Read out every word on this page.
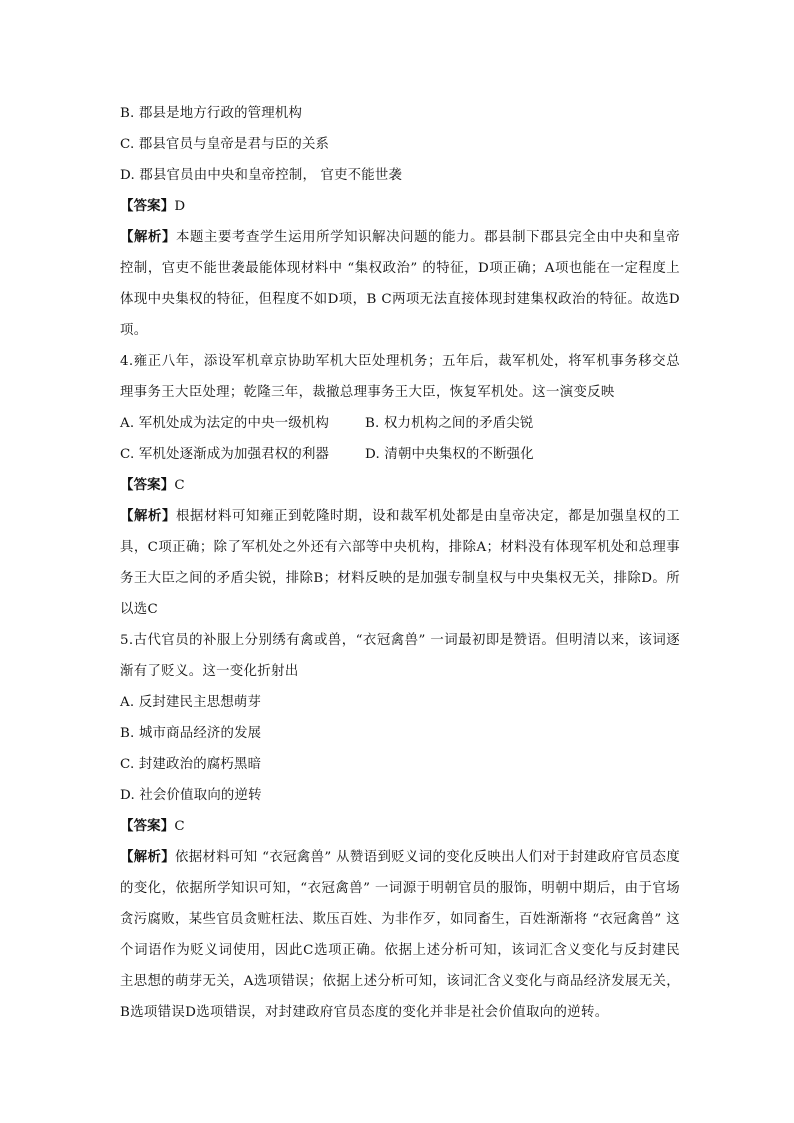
B. 郡县是地方行政的管理机构
C. 郡县官员与皇帝是君与臣的关系
D. 郡县官员由中央和皇帝控制， 官吏不能世袭
【答案】D
【解析】本题主要考查学生运用所学知识解决问题的能力。郡县制下郡县完全由中央和皇帝控制，官吏不能世袭最能体现材料中 “集权政治” 的特征，D项正确；A项也能在一定程度上体现中央集权的特征，但程度不如D项，B C两项无法直接体现封建集权政治的特征。故选D项。
4.雍正八年，添设军机章京协助军机大臣处理机务；五年后，裁军机处，将军机事务移交总理事务王大臣处理；乾隆三年，裁撤总理事务王大臣，恢复军机处。这一演变反映
A. 军机处成为法定的中央一级机构	B. 权力机构之间的矛盾尖锐
C. 军机处逐渐成为加强君权的利器	D. 清朝中央集权的不断强化
【答案】C
【解析】根据材料可知雍正到乾隆时期，设和裁军机处都是由皇帝决定，都是加强皇权的工具，C项正确；除了军机处之外还有六部等中央机构，排除A；材料没有体现军机处和总理事务王大臣之间的矛盾尖锐，排除B；材料反映的是加强专制皇权与中央集权无关，排除D。所以选C
5.古代官员的补服上分别绣有禽或兽，“衣冠禽兽” 一词最初即是赞语。但明清以来，该词逐渐有了贬义。这一变化折射出
A. 反封建民主思想萌芽
B. 城市商品经济的发展
C. 封建政治的腐朽黑暗
D. 社会价值取向的逆转
【答案】C
【解析】依据材料可知 “衣冠禽兽” 从赞语到贬义词的变化反映出人们对于封建政府官员态度的变化，依据所学知识可知，“衣冠禽兽” 一词源于明朝官员的服饰，明朝中期后，由于官场贪污腐败，某些官员贪赃枉法、欺压百姓、为非作歹，如同畜生，百姓渐渐将 “衣冠禽兽” 这个词语作为贬义词使用，因此C选项正确。依据上述分析可知，该词汇含义变化与反封建民主思想的萌芽无关，A选项错误；依据上述分析可知，该词汇含义变化与商品经济发展无关，B选项错误D选项错误，对封建政府官员态度的变化并非是社会价值取向的逆转。
